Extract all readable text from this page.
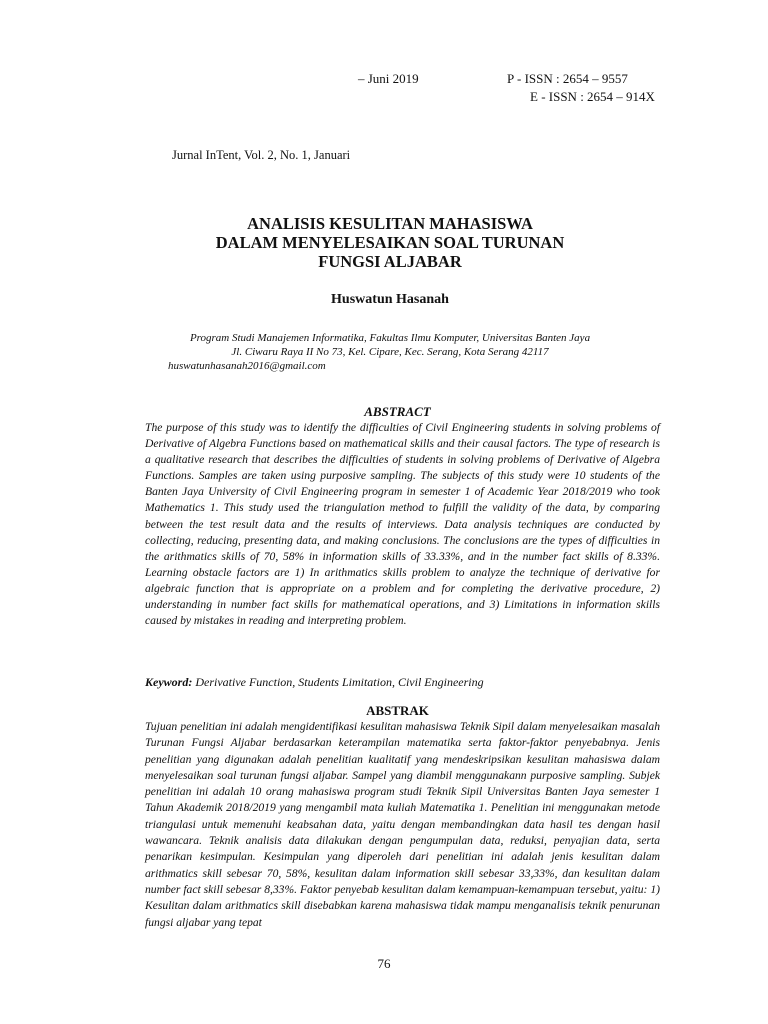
– Juni 2019	P - ISSN : 2654 – 9557
E - ISSN : 2654 – 914X
Jurnal InTent, Vol. 2, No. 1, Januari
ANALISIS KESULITAN MAHASISWA
DALAM MENYELESAIKAN SOAL TURUNAN
FUNGSI ALJABAR
Huswatun Hasanah
Program Studi Manajemen Informatika, Fakultas Ilmu Komputer, Universitas Banten Jaya
Jl. Ciwaru Raya II No 73, Kel. Cipare, Kec. Serang, Kota Serang 42117
huswatunhasanah2016@gmail.com
ABSTRACT

The purpose of this study was to identify the difficulties of Civil Engineering students in solving problems of Derivative of Algebra Functions based on mathematical skills and their causal factors. The type of research is a qualitative research that describes the difficulties of students in solving problems of Derivative of Algebra Functions. Samples are taken using purposive sampling. The subjects of this study were 10 students of the Banten Jaya University of Civil Engineering program in semester 1 of Academic Year 2018/2019 who took Mathematics 1. This study used the triangulation method to fulfill the validity of the data, by comparing between the test result data and the results of interviews. Data analysis techniques are conducted by collecting, reducing, presenting data, and making conclusions. The conclusions are the types of difficulties in the arithmatics skills of 70, 58% in information skills of 33.33%, and in the number fact skills of 8.33%. Learning obstacle factors are 1) In arithmatics skills problem to analyze the technique of derivative for algebraic function that is appropriate on a problem and for completing the derivative procedure, 2) understanding in number fact skills for mathematical operations, and 3) Limitations in information skills caused by mistakes in reading and interpreting problem.

Keyword: Derivative Function, Students Limitation, Civil Engineering
ABSTRAK

Tujuan penelitian ini adalah mengidentifikasi kesulitan mahasiswa Teknik Sipil dalam menyelesaikan masalah Turunan Fungsi Aljabar berdasarkan keterampilan matematika serta faktor-faktor penyebabnya. Jenis penelitian yang digunakan adalah penelitian kualitatif yang mendeskripsikan kesulitan mahasiswa dalam menyelesaikan soal turunan fungsi aljabar. Sampel yang diambil menggunakann purposive sampling. Subjek penelitian ini adalah 10 orang mahasiswa program studi Teknik Sipil Universitas Banten Jaya semester 1 Tahun Akademik 2018/2019 yang mengambil mata kuliah Matematika 1. Penelitian ini menggunakan metode triangulasi untuk memenuhi keabsahan data, yaitu dengan membandingkan data hasil tes dengan hasil wawancara. Teknik analisis data dilakukan dengan pengumpulan data, reduksi, penyajian data, serta penarikan kesimpulan. Kesimpulan yang diperoleh dari penelitian ini adalah jenis kesulitan dalam arithmatics skill sebesar 70, 58%, kesulitan dalam information skill sebesar 33,33%, dan kesulitan dalam number fact skill sebesar 8,33%. Faktor penyebab kesulitan dalam kemampuan-kemampuan tersebut, yaitu: 1) Kesulitan dalam arithmatics skill disebabkan karena mahasiswa tidak mampu menganalisis teknik penurunan fungsi aljabar yang tepat

76
